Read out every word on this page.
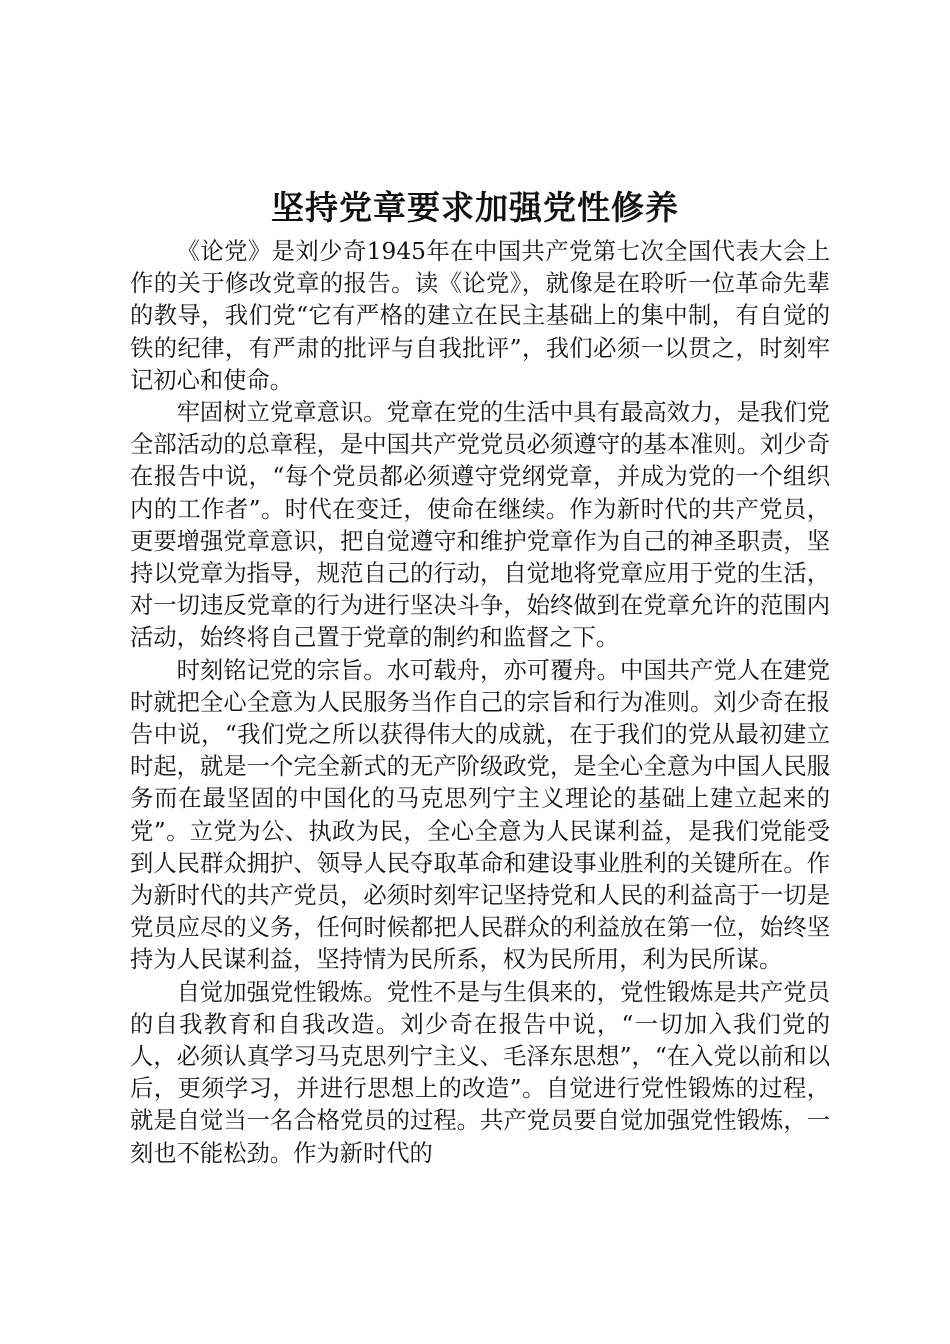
坚持党章要求加强党性修养

《论党》是刘少奇1945年在中国共产党第七次全国代表大会上作的关于修改党章的报告。读《论党》，就像是在聆听一位革命先辈的教导，我们党“它有严格的建立在民主基础上的集中制，有自觉的铁的纪律，有严肃的批评与自我批评”，我们必须一以贯之，时刻牢记初心和使命。

牢固树立党章意识。党章在党的生活中具有最高效力，是我们党全部活动的总章程，是中国共产党党员必须遵守的基本准则。刘少奇在报告中说，“每个党员都必须遵守党纲党章，并成为党的一个组织内的工作者”。时代在变迁，使命在继续。作为新时代的共产党员，更要增强党章意识，把自觉遵守和维护党章作为自己的神圣职责，坚持以党章为指导，规范自己的行动，自觉地将党章应用于党的生活，对一切违反党章的行为进行坚决斗争，始终做到在党章允许的范围内活动，始终将自己置于党章的制约和监督之下。

时刻铭记党的宗旨。水可载舟，亦可覆舟。中国共产党人在建党时就把全心全意为人民服务当作自己的宗旨和行为准则。刘少奇在报告中说，“我们党之所以获得伟大的成就，在于我们的党从最初建立时起，就是一个完全新式的无产阶级政党，是全心全意为中国人民服务而在最坚固的中国化的马克思列宁主义理论的基础上建立起来的党”。立党为公、执政为民，全心全意为人民谋利益，是我们党能受到人民群众拥护、领导人民夺取革命和建设事业胜利的关键所在。作为新时代的共产党员，必须时刻牢记坚持党和人民的利益高于一切是党员应尽的义务，任何时候都把人民群众的利益放在第一位，始终坚持为人民谋利益，坚持情为民所系，权为民所用，利为民所谋。

自觉加强党性锻炼。党性不是与生俱来的，党性锻炼是共产党员的自我教育和自我改造。刘少奇在报告中说，“一切加入我们党的人，必须认真学习马克思列宁主义、毛泽东思想”，“在入党以前和以后，更须学习，并进行思想上的改造”。自觉进行党性锻炼的过程，就是自觉当一名合格党员的过程。共产党员要自觉加强党性锻炼，一刻也不能松劲。作为新时代的
